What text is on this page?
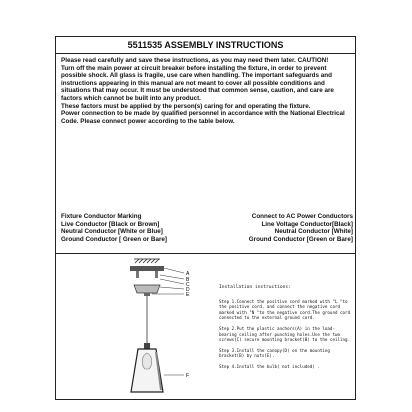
5511535 ASSEMBLY INSTRUCTIONS

Please read carefully and save these instructions, as you may need them later. CAUTION!

Turn off the main power at circuit breaker before installing the fixture, in order to prevent possible shock. All glass is fragile, use care when handling. The important safeguards and instructions appearing in this manual are not meant to cover all possible conditions and situations that may occur. It must be understood that common sense, caution, and care are factors which cannot be built into any product.

These factors must be applied by the person(s) caring for and operating the fixture.

Power connection to be made by qualified personnel in accordance with the National Electrical Code. Please connect power according to the table below.

Fixture Conductor Marking	Connect to AC Power Conductors
Live Conductor [Black or Brown]	Line Voltage Conductor[Black]
Neutral Conductor [White or Blue]	Neutral Conductor [White]
Ground Conductor [ Green or Bare]	Ground Conductor [Green or Bare]
A
B
C
D
E
F

Installation instructions:

Step 1.Connect the positive cord marked with "L "to the positive cord, and connect the negative cord marked with "N "to the negative cord.The ground cord connected to the external ground cord.

Step 2.Put the plastic anchors(A) in the load-bearing ceiling after punching holes.Use the two screws(C) secure mounting bracket(B) to the ceiling.

Step 3.Install the canopy(D) on the mounting bracket(B) by nuts(E).

Step 4.Install the bulb( not included) .
